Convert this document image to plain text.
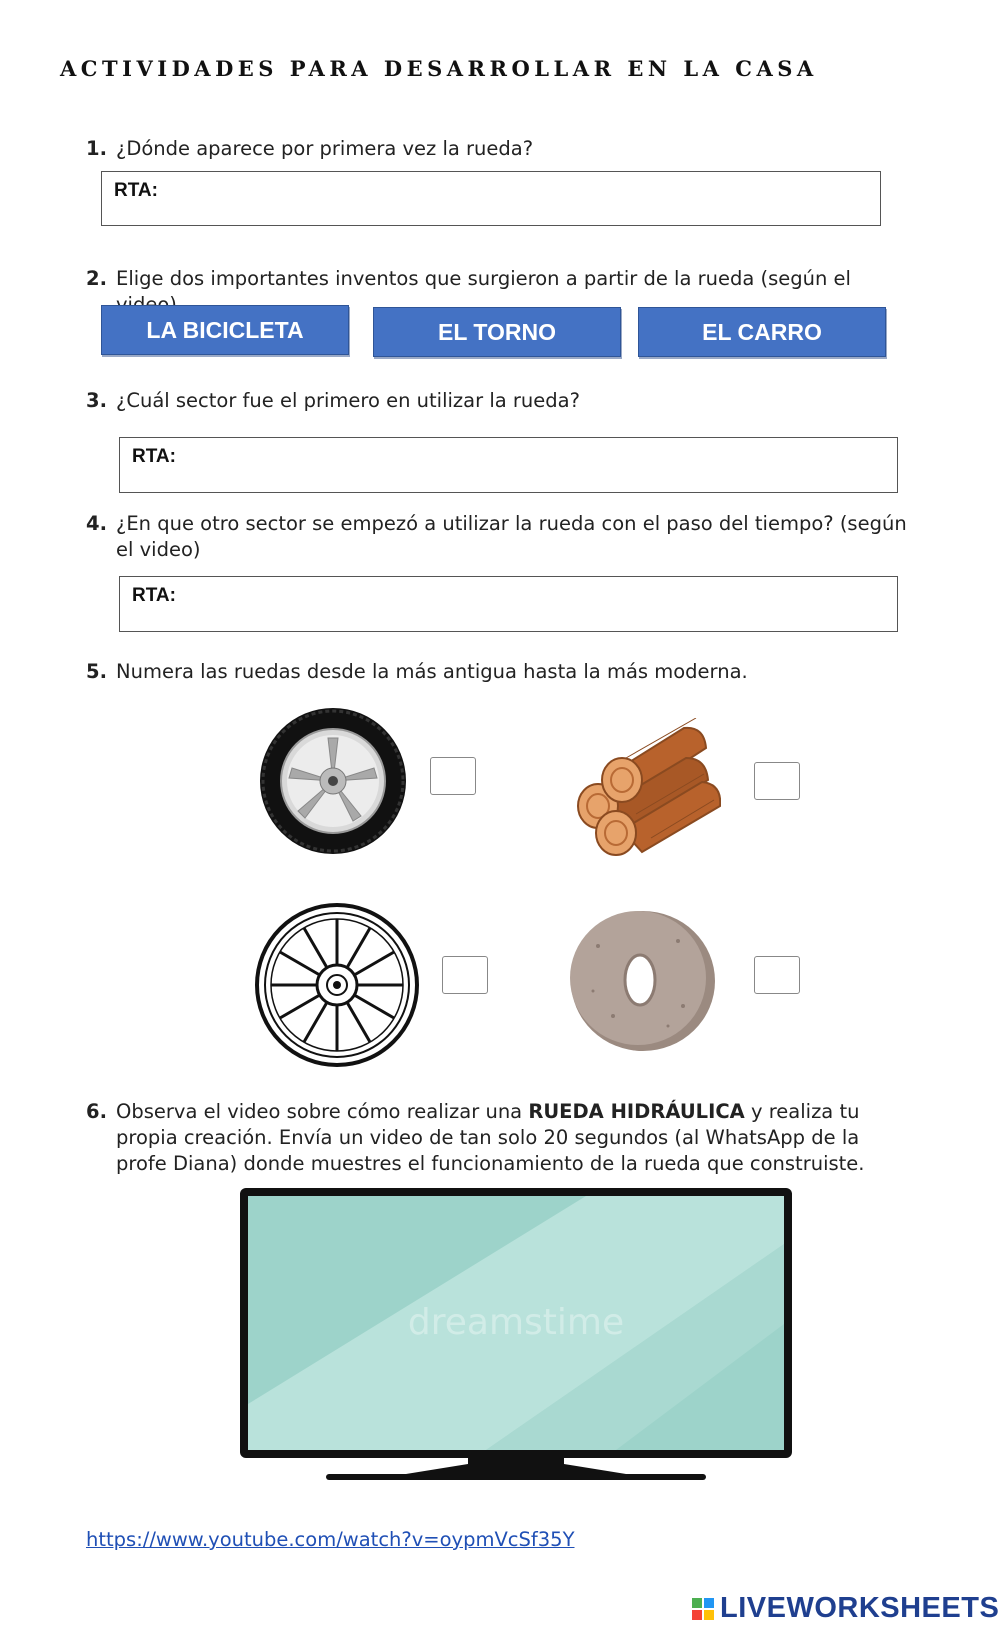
ACTIVIDADES PARA DESARROLLAR EN LA CASA
1. ¿Dónde aparece por primera vez la rueda?
RTA:
2. Elige dos importantes inventos que surgieron a partir de la rueda (según el
LA BICICLETA	EL TORNO	EL CARRO
3. ¿Cuál sector fue el primero en utilizar la rueda?
RTA:
4. ¿En que otro sector se empezó a utilizar la rueda con el paso del tiempo? (según el video)
RTA:
5. Numera las ruedas desde la más antigua hasta la más moderna.
6. Observa el video sobre cómo realizar una RUEDA HIDRÁULICA y realiza tu propia creación. Envía un video de tan solo 20 segundos (al WhatsApp de la profe Diana) donde muestres el funcionamiento de la rueda que construiste.
dreamstime
https://www.youtube.com/watch?v=oypmVcSf35Y
LIVEWORKSHEETS
